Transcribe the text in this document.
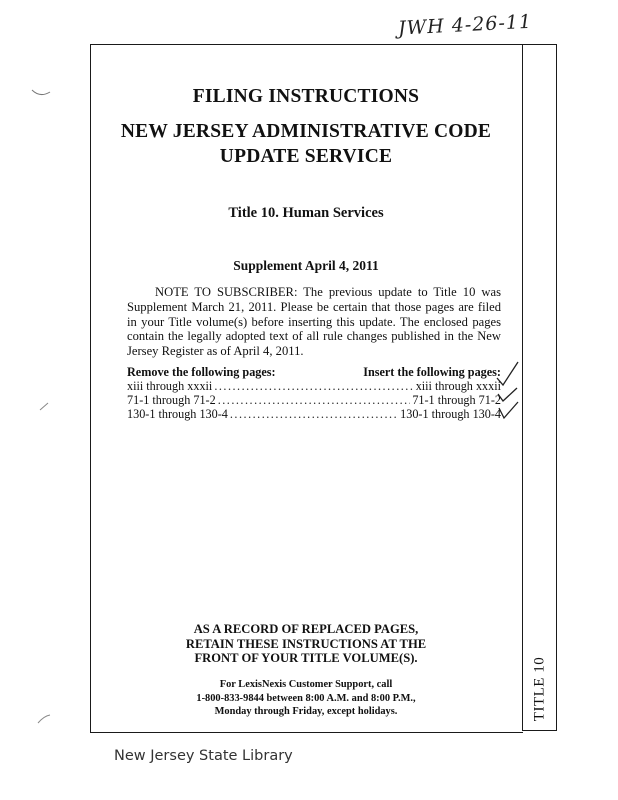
JWH 4-26-11
TITLE 10
FILING INSTRUCTIONS
NEW JERSEY ADMINISTRATIVE CODE
UPDATE SERVICE
Title 10. Human Services
Supplement April 4, 2011

NOTE TO SUBSCRIBER: The previous update to Title 10 was Supplement March 21, 2011. Please be certain that those pages are filed in your Title volume(s) before inserting this update. The enclosed pages contain the legally adopted text of all rule changes published in the New Jersey Register as of April 4, 2011.

Remove the following pages:	Insert the following pages:
xiii through xxxii .....	xiii through xxxii
71-1 through 71-2 .....	71-1 through 71-2
130-1 through 130-4 .....	130-1 through 130-4
AS A RECORD OF REPLACED PAGES,
RETAIN THESE INSTRUCTIONS AT THE
FRONT OF YOUR TITLE VOLUME(S).
For LexisNexis Customer Support, call
1-800-833-9844 between 8:00 A.M. and 8:00 P.M.,
Monday through Friday, except holidays.
New Jersey State Library
